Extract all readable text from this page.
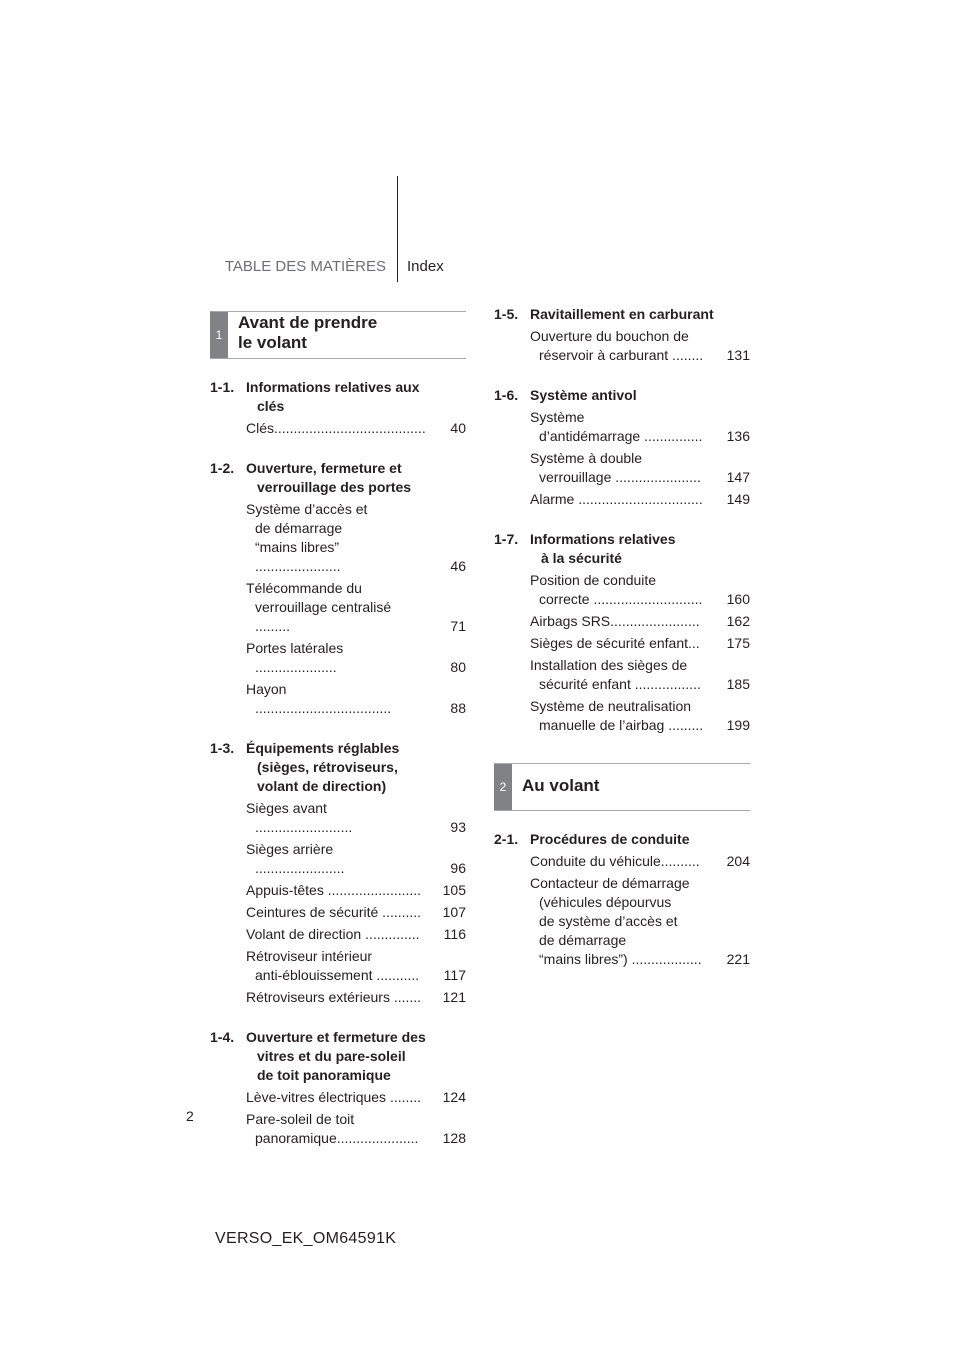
TABLE DES MATIÈRES Index
1
Avant de prendre
le volant
1-1. Informations relatives aux
clés
Clés.......................................	40
1-2. Ouverture, fermeture et
verrouillage des portes
Système d’accès et
de démarrage
“mains libres” ......................	46
Télécommande du
verrouillage centralisé .........	71
Portes latérales .....................	80
Hayon ...................................	88
1-3. Équipements réglables
(sièges, rétroviseurs,
volant de direction)
Sièges avant .........................	93
Sièges arrière .......................	96
Appuis-têtes ........................	105
Ceintures de sécurité ..........	107
Volant de direction ..............	116
Rétroviseur intérieur
anti-éblouissement ...........	117
Rétroviseurs extérieurs .......	121
1-4. Ouverture et fermeture des
vitres et du pare-soleil
de toit panoramique
Lève-vitres électriques ........	124
Pare-soleil de toit
panoramique.....................	128
1-5. Ravitaillement en carburant
Ouverture du bouchon de
réservoir à carburant ........	131
1-6. Système antivol
Système
d’antidémarrage ...............	136
Système à double
verrouillage ......................	147
Alarme ................................	149
1-7. Informations relatives
à la sécurité
Position de conduite
correcte ............................	160
Airbags SRS.......................	162
Sièges de sécurité enfant...	175
Installation des sièges de
sécurité enfant .................	185
Système de neutralisation
manuelle de l’airbag .........	199
2 Au volant
2-1. Procédures de conduite
Conduite du véhicule..........	204
Contacteur de démarrage
(véhicules dépourvus
de système d’accès et
de démarrage
“mains libres”) ..................	221
2
VERSO_EK_OM64591K
